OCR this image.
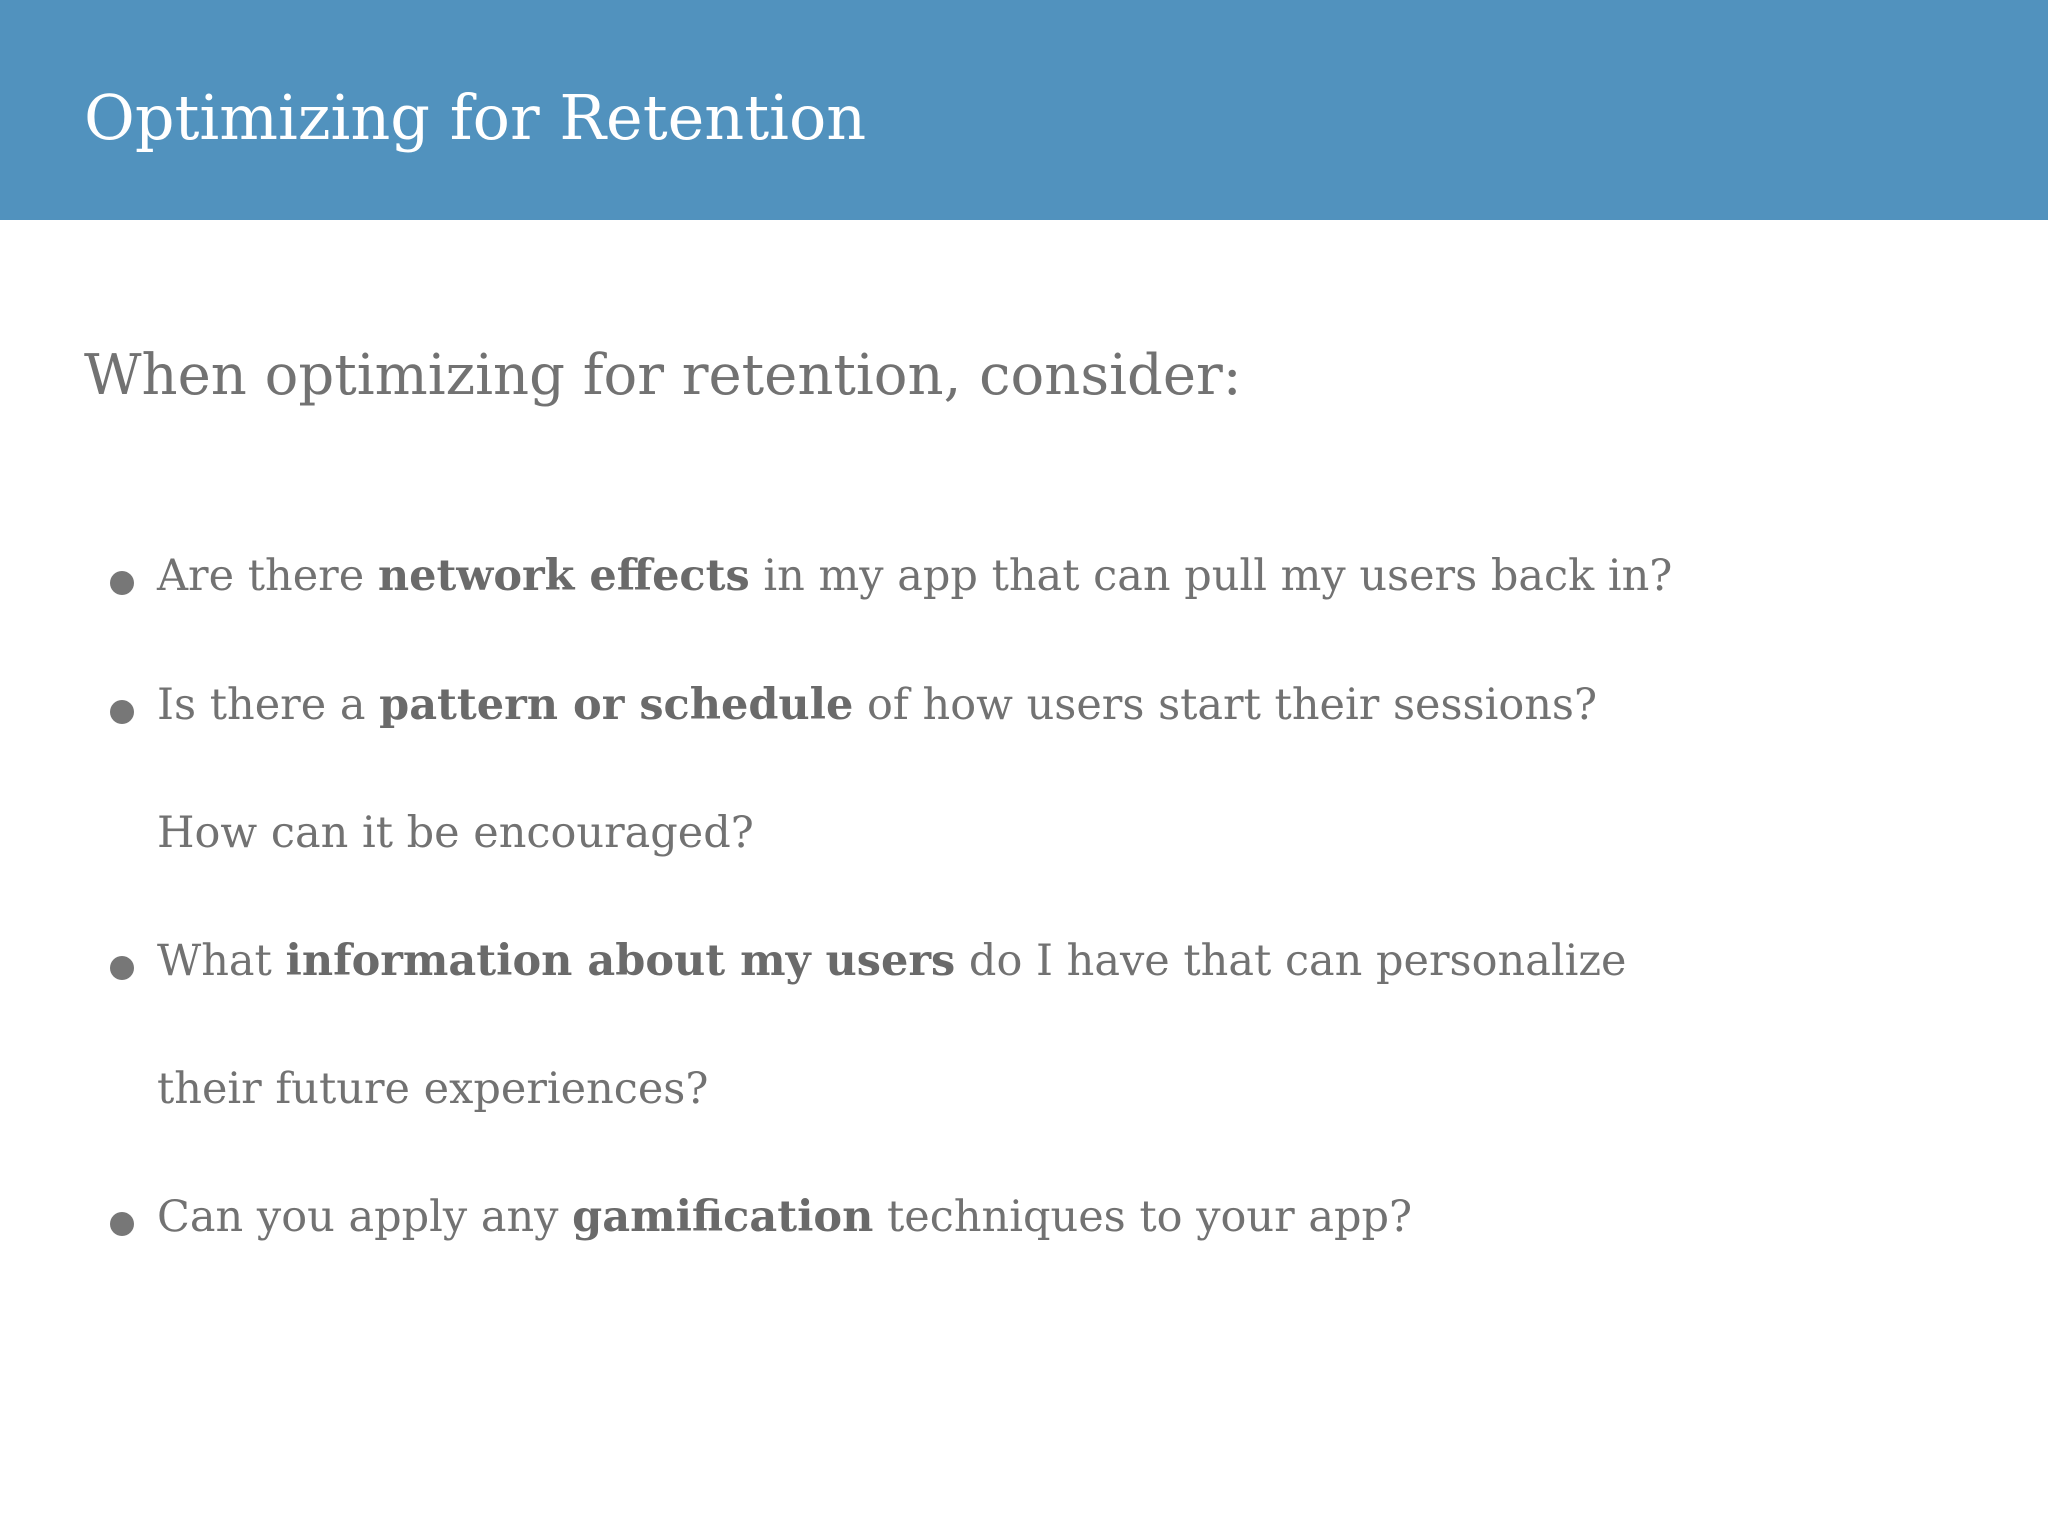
Optimizing for Retention
When optimizing for retention, consider:
Are there network effects in my app that can pull my users back in?
Is there a pattern or schedule of how users start their sessions?
How can it be encouraged?
What information about my users do I have that can personalize
their future experiences?
Can you apply any gamification techniques to your app?
